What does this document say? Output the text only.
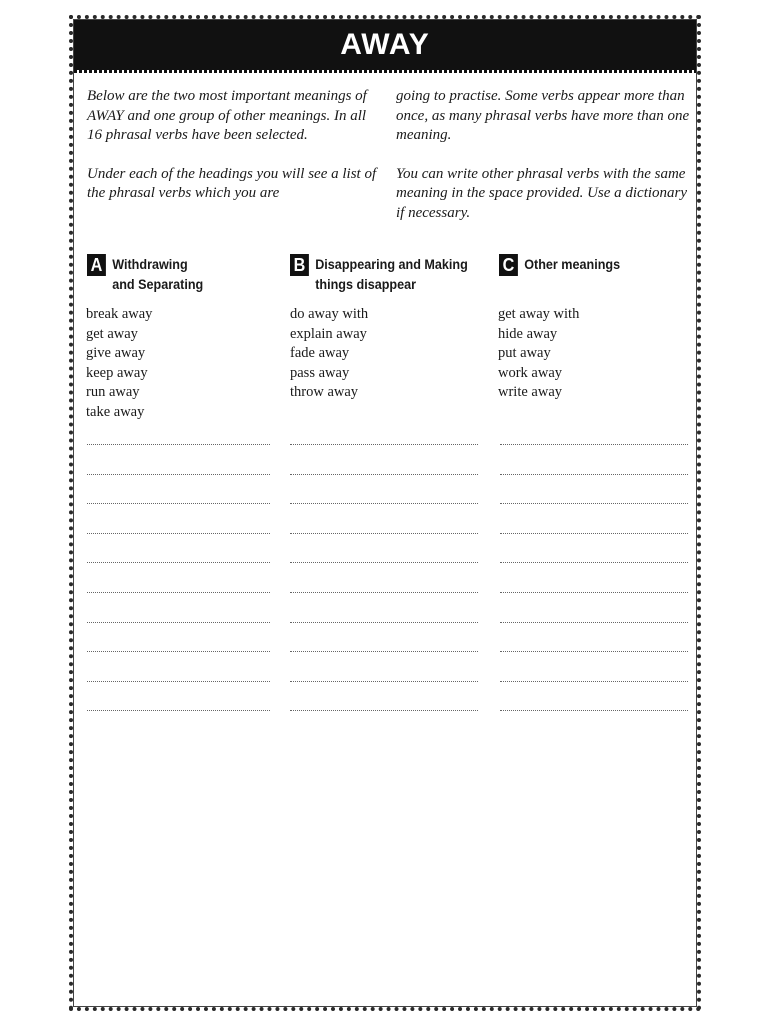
AWAY

Below are the two most important meanings of AWAY and one group of other meanings. In all 16 phrasal verbs have been selected.

Under each of the headings you will see a list of the phrasal verbs which you are

going to practise. Some verbs appear more than once, as many phrasal verbs have more than one meaning.

You can write other phrasal verbs with the same meaning in the space provided. Use a dictionary if necessary.

A Withdrawing and Separating
B Disappearing and Making things disappear
C Other meanings
break away
get away
give away
keep away
run away
take away
do away with
explain away
fade away
pass away
throw away
get away with
hide away
put away
work away
write away
